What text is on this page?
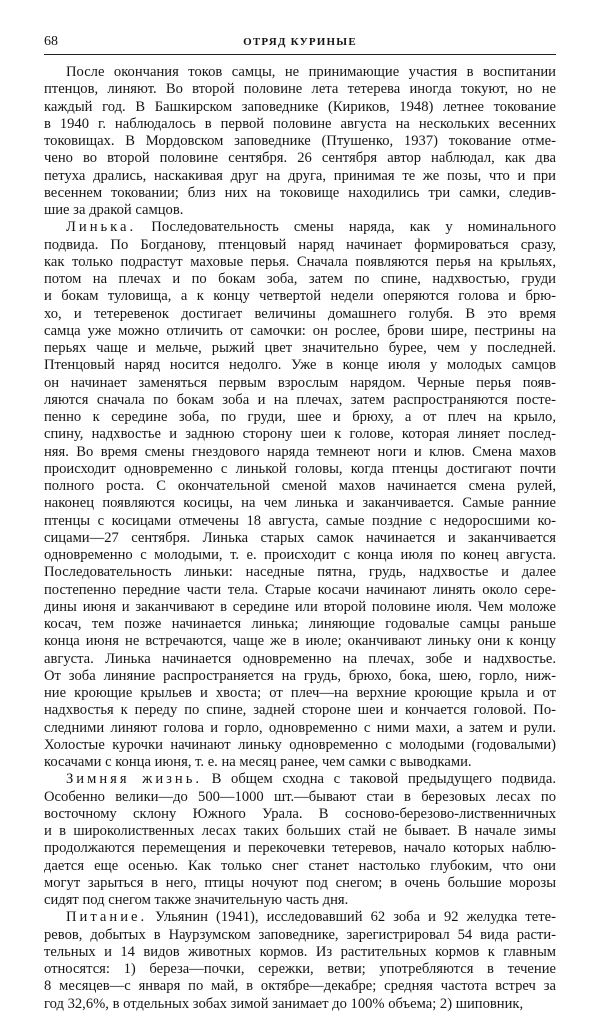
68	ОТРЯД КУРИНЫЕ
После окончания токов самцы, не принимающие участия в воспитании
птенцов, линяют. Во второй половине лета тетерева иногда токуют, но не
каждый год. В Башкирском заповеднике (Кириков, 1948) летнее токование
в 1940 г. наблюдалось в первой половине августа на нескольких весенних
токовищах. В Мордовском заповеднике (Птушенко, 1937) токование отме-
чено во второй половине сентября. 26 сентября автор наблюдал, как два
петуха дрались, наскакивая друг на друга, принимая те же позы, что и при
весеннем токовании; близ них на токовище находились три самки, следив-
шие за дракой самцов.
Линька. Последовательность смены наряда, как у номинального
подвида. По Богданову, птенцовый наряд начинает формироваться сразу,
как только подрастут маховые перья. Сначала появляются перья на крыльях,
потом на плечах и по бокам зоба, затем по спине, надхвостью, груди
и бокам туловища, а к концу четвертой недели оперяются голова и брю-
хо, и тетеревенок достигает величины домашнего голубя. В это время
самца уже можно отличить от самочки: он рослее, брови шире, пестрины на
перьях чаще и мельче, рыжий цвет значительно бурее, чем у последней.
Птенцовый наряд носится недолго. Уже в конце июля у молодых самцов
он начинает заменяться первым взрослым нарядом. Черные перья появ-
ляются сначала по бокам зоба и на плечах, затем распространяются посте-
пенно к середине зоба, по груди, шее и брюху, а от плеч на крыло,
спину, надхвостье и заднюю сторону шеи к голове, которая линяет послед-
няя. Во время смены гнездового наряда темнеют ноги и клюв. Смена махов
происходит одновременно с линькой головы, когда птенцы достигают почти
полного роста. С окончательной сменой махов начинается смена рулей,
наконец появляются косицы, на чем линька и заканчивается. Самые ранние
птенцы с косицами отмечены 18 августа, самые поздние с недоросшими ко-
сицами—27 сентября. Линька старых самок начинается и заканчивается
одновременно с молодыми, т. е. происходит с конца июля по конец августа.
Последовательность линьки: наседные пятна, грудь, надхвостье и далее
постепенно передние части тела. Старые косачи начинают линять около серe-
дины июня и заканчивают в середине или второй половине июля. Чем моложе
косач, тем позже начинается линька; линяющие годовалые самцы раньше
конца июня не встречаются, чаще же в июле; оканчивают линьку они к концу
августа. Линька начинается одновременно на плечах, зобе и надхвостье.
От зоба линяние распространяется на грудь, брюхо, бока, шею, горло, ниж-
ние кроющие крыльев и хвоста; от плеч—на верхние кроющие крыла и от
надхвостья к переду по спине, задней стороне шеи и кончается головой. По-
следними линяют голова и горло, одновременно с ними махи, а затем и рули.
Холостые курочки начинают линьку одновременно с молодыми (годовалыми)
косачами с конца июня, т. е. на месяц ранее, чем самки с выводками.
Зимняя жизнь. В общем сходна с таковой предыдущего подвида.
Особенно велики—до 500—1000 шт.—бывают стаи в березовых лесах по
восточному склону Южного Урала. В сосново-березово-лиственничных
и в широколиственных лесах таких больших стай не бывает. В начале зимы
продолжаются перемещения и перекочевки тетеревов, начало которых наблю-
дается еще осенью. Как только снег станет настолько глубоким, что они
могут зарыться в него, птицы ночуют под снегом; в очень большие морозы
сидят под снегом также значительную часть дня.
Питание. Ульянин (1941), исследовавший 62 зоба и 92 желудка тете-
ревов, добытых в Наурзумском заповеднике, зарегистрировал 54 вида расти-
тельных и 14 видов животных кормов. Из растительных кормов к главным
относятся: 1) береза—почки, сережки, ветви; употребляются в течение
8 месяцев—с января по май, в октябре—декабре; средняя частота встреч за
год 32,6%, в отдельных зобах зимой занимает до 100% объема; 2) шиповник,
